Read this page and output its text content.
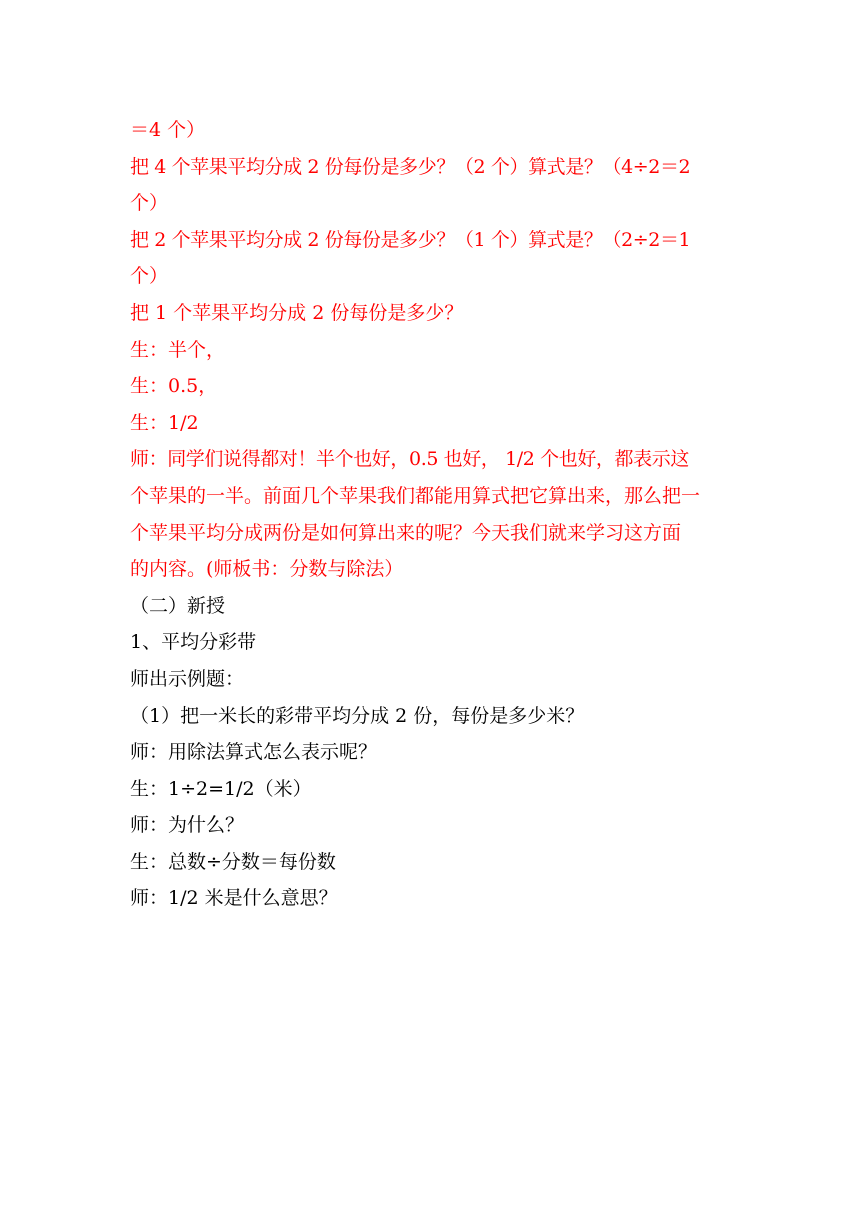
＝4 个）

把 4 个苹果平均分成 2 份每份是多少？（2 个）算式是？（4÷2＝2

个）

把 2 个苹果平均分成 2 份每份是多少？（1 个）算式是？（2÷2＝1

个）

把 1 个苹果平均分成 2 份每份是多少？

生：半个，

生：0.5，

生：1/2

师：同学们说得都对！半个也好，0.5 也好， 1/2 个也好，都表示这

个苹果的一半。前面几个苹果我们都能用算式把它算出来，那么把一

个苹果平均分成两份是如何算出来的呢？今天我们就来学习这方面

的内容。(师板书：分数与除法）

（二）新授

1、平均分彩带

师出示例题：

（1）把一米长的彩带平均分成 2 份，每份是多少米？

师：用除法算式怎么表示呢？

生：1÷2=1/2（米）

师：为什么？

生：总数÷分数＝每份数

师：1/2 米是什么意思？
